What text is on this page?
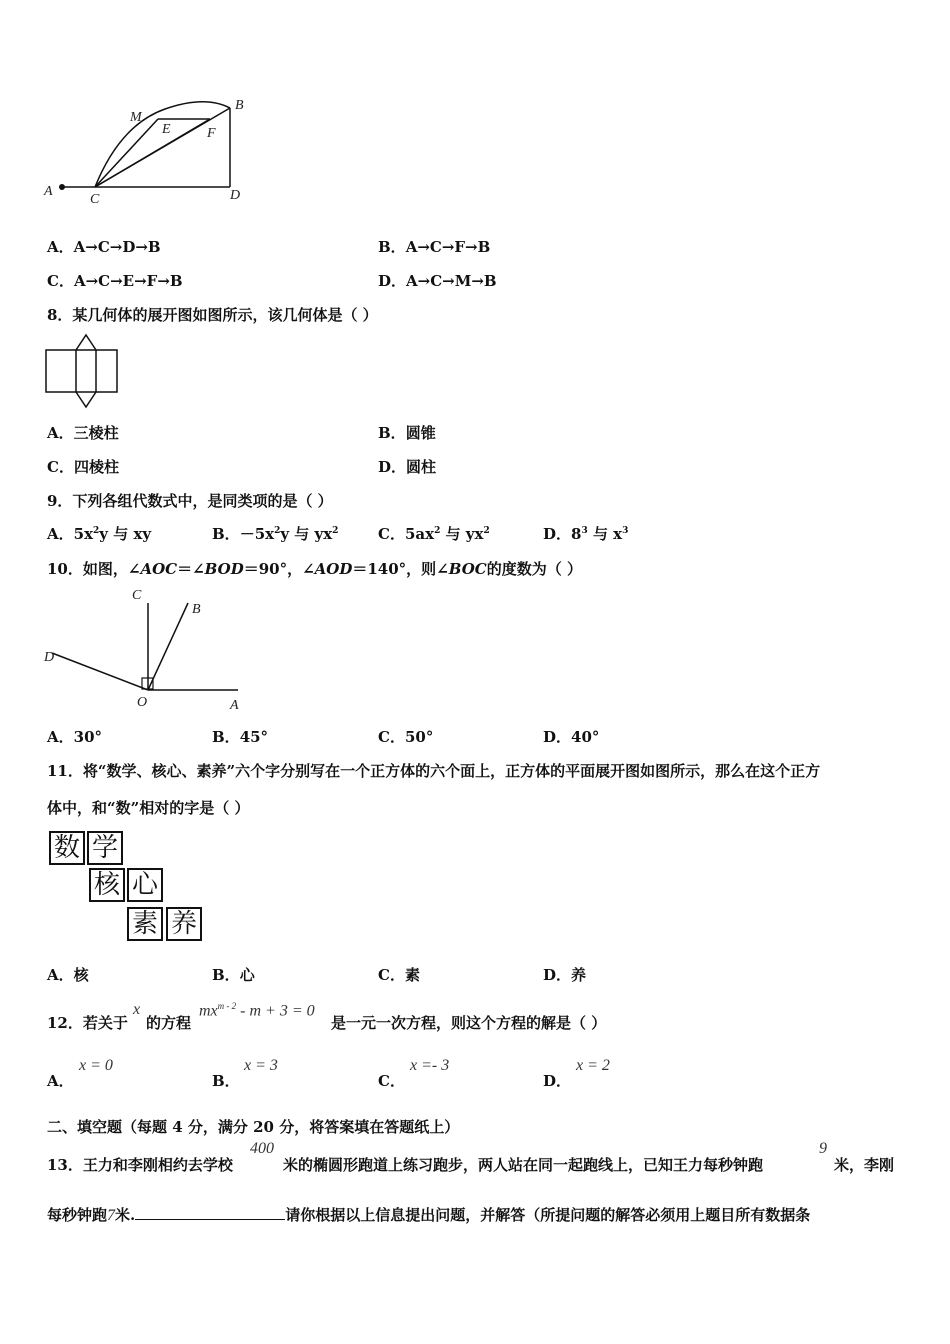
A
C	D
B
M
E	F
A．A→C→D→B	B．A→C→F→B
C．A→C→E→F→B	D．A→C→M→B
8．某几何体的展开图如图所示，该几何体是（ ）
A．三棱柱	B．圆锥
C．四棱柱	D．圆柱
9．下列各组代数式中，是同类项的是（ ）
A．$5x^2y$ 与 xy	B．$-5x^2y$ 与 $yx^2$	C．$5ax^2$ 与 $yx^2$	D．$8^3$ 与 $x^3$
10．如图，∠AOC＝∠BOD＝90°，∠AOD＝140°，则∠BOC的度数为（ ）
C
B
D
O	A
A．30°	B．45°	C．50°	D．40°
11．将“数学、核心、素养”六个字分别写在一个正方体的六个面上，正方体的平面展开图如图所示，那么在这个正方
体中，和“数”相对的字是（ ）
数 学
核 心
素 养
A．核	B．心	C．素	D．养
12．若关于
x
的方程
$mx^{m - 2} - m + 3 = 0$
是一元一次方程，则这个方程的解是（ ）
A．
x = 0
B．
x = 3
C．
x =- 3
D．
x = 2
二、填空题（每题 4 分，满分 20 分，将答案填在答题纸上）
13．王力和李刚相约去学校
400
米的椭圆形跑道上练习跑步，两人站在同一起跑线上，已知王力每秒钟跑
9
米，李刚
每秒钟跑7米.	请你根据以上信息提出问题，并解答（所提问题的解答必须用上题目所有数据条
